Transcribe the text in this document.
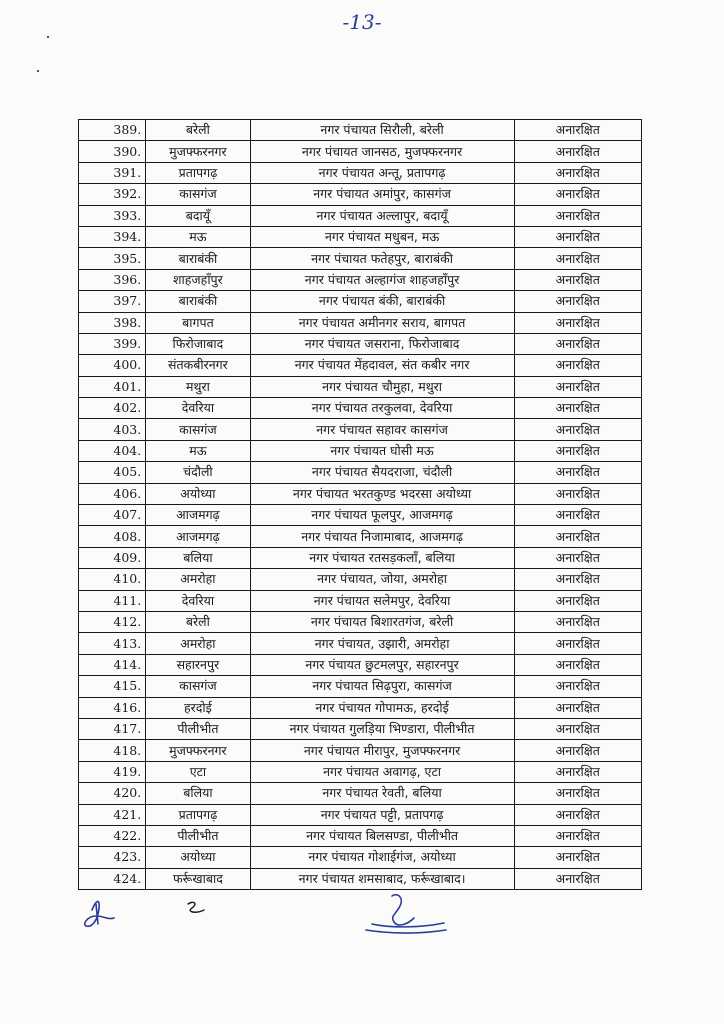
-13-
389.	बरेली	नगर पंचायत सिरौली, बरेली	अनारक्षित
390.	मुजफ्फरनगर	नगर पंचायत जानसठ, मुजफ्फरनगर	अनारक्षित
391.	प्रतापगढ़	नगर पंचायत अन्तू, प्रतापगढ़	अनारक्षित
392.	कासगंज	नगर पंचायत अमांपुर, कासगंज	अनारक्षित
393.	बदायूँ	नगर पंचायत अल्लापुर, बदायूँ	अनारक्षित
394.	मऊ	नगर पंचायत मधुबन, मऊ	अनारक्षित
395.	बाराबंकी	नगर पंचायत फतेहपुर, बाराबंकी	अनारक्षित
396.	शाहजहाँपुर	नगर पंचायत अल्हागंज शाहजहाँपुर	अनारक्षित
397.	बाराबंकी	नगर पंचायत बंकी, बाराबंकी	अनारक्षित
398.	बागपत	नगर पंचायत अमीनगर सराय, बागपत	अनारक्षित
399.	फिरोजाबाद	नगर पंचायत जसराना, फिरोजाबाद	अनारक्षित
400.	संतकबीरनगर	नगर पंचायत मेंहदावल, संत कबीर नगर	अनारक्षित
401.	मथुरा	नगर पंचायत चौमुहा, मथुरा	अनारक्षित
402.	देवरिया	नगर पंचायत तरकुलवा, देवरिया	अनारक्षित
403.	कासगंज	नगर पंचायत सहावर कासगंज	अनारक्षित
404.	मऊ	नगर पंचायत घोसी मऊ	अनारक्षित
405.	चंदौली	नगर पंचायत सैयदराजा, चंदौली	अनारक्षित
406.	अयोध्या	नगर पंचायत भरतकुण्ड भदरसा अयोध्या	अनारक्षित
407.	आजमगढ़	नगर पंचायत फूलपुर, आजमगढ़	अनारक्षित
408.	आजमगढ़	नगर पंचायत निजामाबाद, आजमगढ़	अनारक्षित
409.	बलिया	नगर पंचायत रतसड़कलाँ, बलिया	अनारक्षित
410.	अमरोहा	नगर पंचायत, जोया, अमरोहा	अनारक्षित
411.	देवरिया	नगर पंचायत सलेमपुर, देवरिया	अनारक्षित
412.	बरेली	नगर पंचायत बिशारतगंज, बरेली	अनारक्षित
413.	अमरोहा	नगर पंचायत, उझारी, अमरोहा	अनारक्षित
414.	सहारनपुर	नगर पंचायत छुटमलपुर, सहारनपुर	अनारक्षित
415.	कासगंज	नगर पंचायत सिढ़पुरा, कासगंज	अनारक्षित
416.	हरदोई	नगर पंचायत गोपामऊ, हरदोई	अनारक्षित
417.	पीलीभीत	नगर पंचायत गुलड़िया भिण्डारा, पीलीभीत	अनारक्षित
418.	मुजफ्फरनगर	नगर पंचायत मीरापुर, मुजफ्फरनगर	अनारक्षित
419.	एटा	नगर पंचायत अवागढ़, एटा	अनारक्षित
420.	बलिया	नगर पंचायत रेवती, बलिया	अनारक्षित
421.	प्रतापगढ़	नगर पंचायत पट्टी, प्रतापगढ़	अनारक्षित
422.	पीलीभीत	नगर पंचायत बिलसण्डा, पीलीभीत	अनारक्षित
423.	अयोध्या	नगर पंचायत गोशाईगंज, अयोध्या	अनारक्षित
424.	फर्रूखाबाद	नगर पंचायत शमसाबाद, फर्रूखाबाद।	अनारक्षित
